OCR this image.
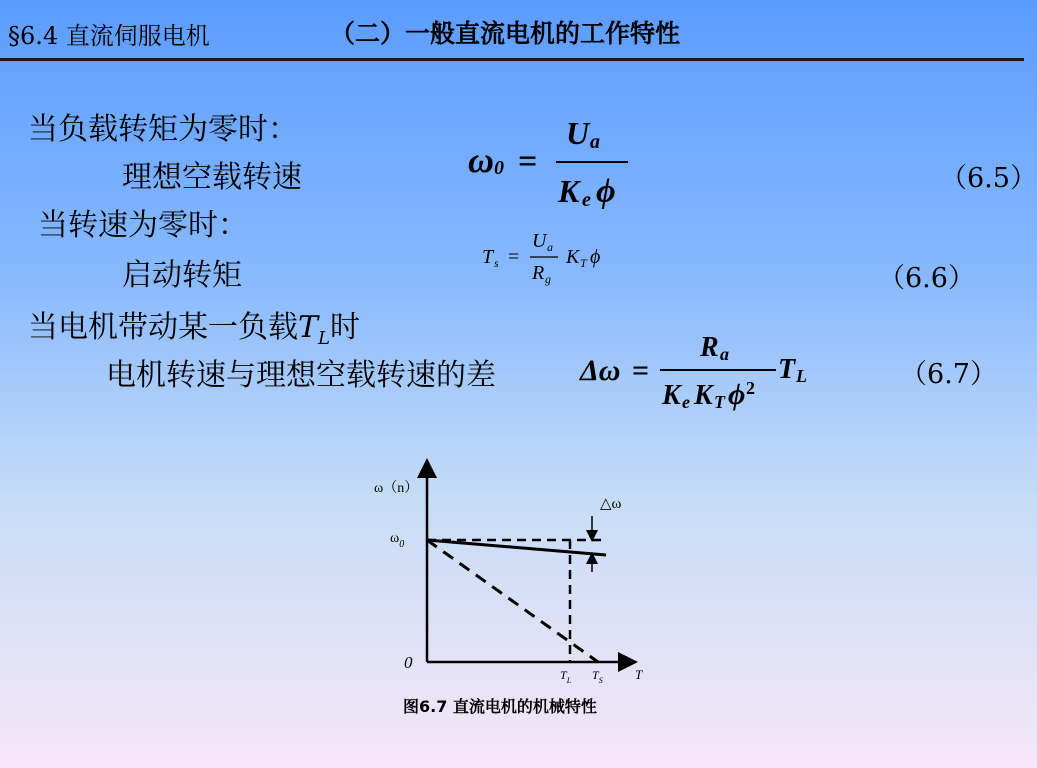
§6.4 直流伺服电机	（二）一般直流电机的工作特性
当负载转矩为零时：
理想空载转速
当转速为零时：
启动转矩
当电机带动某一负载$T_L$时
电机转速与理想空载转速的差
（6.5）
（6.6）
（6.7）
ω 0 =
U a
K e ϕ
T s =
U a
R g
K T ϕ
Δω =
R a
K e K T ϕ 2
T L
ω（n）
△ω
$\omega_0$
0
$T_L$ $T_S$ T
图6.7 直流电机的机械特性
